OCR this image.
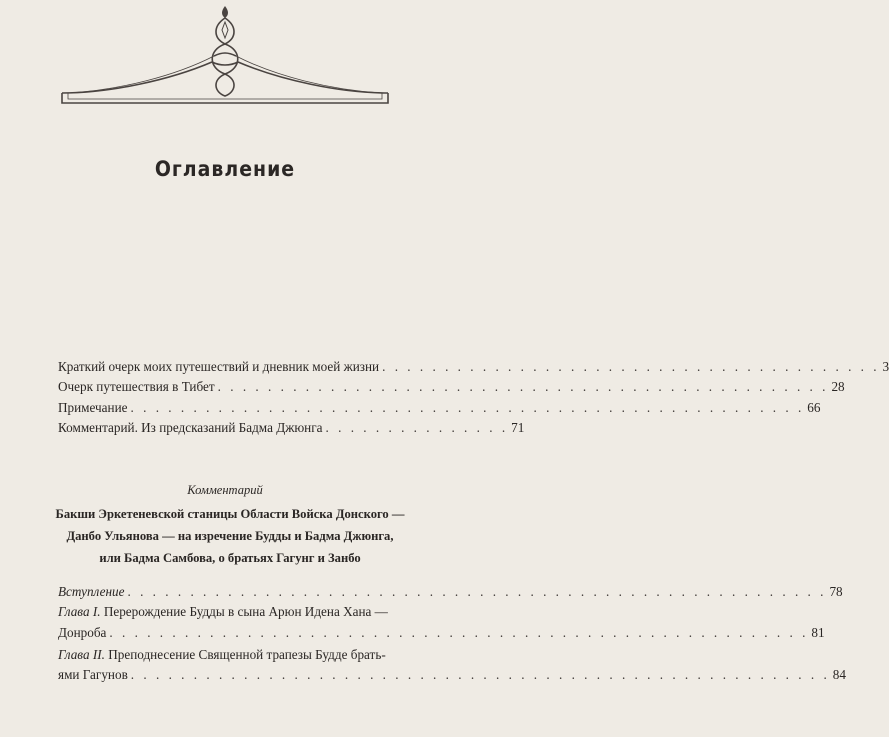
Оглавление
Краткий очерк моих путешествий и дневник моей жизни . . . . . . . . . . . . . . . . . . . . . . . . . . . . . . . . . . . . . . . . 3
Очерк путешествия в Тибет . . . . . . . . . . . . . . . . . . . . . . . . . . . . . . . . . . . . . . . . . . . . . . . . . 28
Примечание . . . . . . . . . . . . . . . . . . . . . . . . . . . . . . . . . . . . . . . . . . . . . . . . . . . . . . 66
Комментарий. Из предсказаний Бадма Джюнга . . . . . . . . . . . . . . . 71
Комментарий
Бакши Эркетеневской станицы Области Войска Донского —
Данбо Ульянова — на изречение Будды и Бадма Джюнга,
или Бадма Самбова, о братьях Гагунг и Занбо
Вступление . . . . . . . . . . . . . . . . . . . . . . . . . . . . . . . . . . . . . . . . . . . . . . . . . . . . . . . . 78
Глава I. Перерождение Будды в сына Арюн Идена Хана —
Донроба . . . . . . . . . . . . . . . . . . . . . . . . . . . . . . . . . . . . . . . . . . . . . . . . . . . . . . . . 81
Глава II. Преподнесение Священной трапезы Будде брать-
ями Гагунов . . . . . . . . . . . . . . . . . . . . . . . . . . . . . . . . . . . . . . . . . . . . . . . . . . . . . . . . 84
